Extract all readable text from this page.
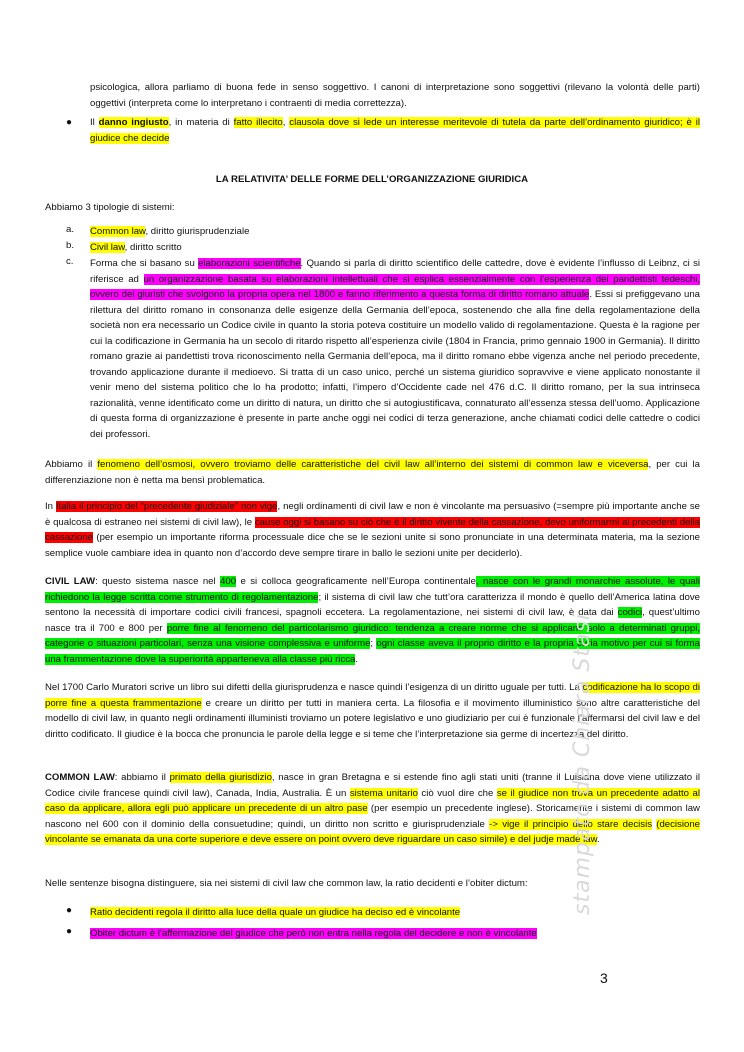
psicologica, allora parliamo di buona fede in senso soggettivo. I canoni di interpretazione sono soggettivi (rilevano la volontà delle parti) oggettivi (interpreta come lo interpretano i contraenti di media correttezza).

● Il danno ingiusto, in materia di fatto illecito, clausola dove si lede un interesse meritevole di tutela da parte dell’ordinamento giuridico; è il giudice che decide

LA RELATIVITA’ DELLE FORME DELL’ORGANIZZAZIONE GIURIDICA

Abbiamo 3 tipologie di sistemi:

a. Common law, diritto giurisprudenziale

b. Civil law, diritto scritto

c. Forma che si basano su elaborazioni scientifiche. Quando si parla di diritto scientifico delle cattedre, dove è evidente l’influsso di Leibnz, ci si riferisce ad un organizzazione basata su elaborazioni intellettuali che si esplica essenzialmente con l’esperienza dei pandettisti tedeschi, ovvero dei giuristi che svolgono la propria opera nel 1800 e fanno riferimento a questa forma di diritto romano attuale. Essi si prefiggevano una rilettura del diritto romano in consonanza delle esigenze della Germania dell’epoca, sostenendo che alla fine della regolamentazione della società non era necessario un Codice civile in quanto la storia poteva costituire un modello valido di regolamentazione. Questa è la ragione per cui la codificazione in Germania ha un secolo di ritardo rispetto all’esperienza civile (1804 in Francia, primo gennaio 1900 in Germania). Il diritto romano grazie ai pandettisti trova riconoscimento nella Germania dell’epoca, ma il diritto romano ebbe vigenza anche nel periodo precedente, trovando applicazione durante il medioevo. Si tratta di un caso unico, perché un sistema giuridico sopravvive e viene applicato nonostante il venir meno del sistema politico che lo ha prodotto; infatti, l’impero d’Occidente cade nel 476 d.C. Il diritto romano, per la sua intrinseca razionalità, venne identificato come un diritto di natura, un diritto che si autogiustificava, connaturato all’essenza stessa dell’uomo. Applicazione di questa forma di organizzazione è presente in parte anche oggi nei codici di terza generazione, anche chiamati codici delle cattedre o codici dei professori.

Abbiamo il fenomeno dell’osmosi, ovvero troviamo delle caratteristiche del civil law all’interno dei sistemi di common law e viceversa, per cui la differenziazione non è netta ma bensì problematica.

In Italia il principio del “precedente giudiziale” non vige, negli ordinamenti di civil law e non è vincolante ma persuasivo (=sempre più importante anche se è qualcosa di estraneo nei sistemi di civil law), le cause oggi si basano su ciò che è il diritto vivente della cassazione, devo uniformarmi ai precedenti della cassazione (per esempio un importante riforma processuale dice che se le sezioni unite si sono pronunciate in una determinata materia, ma la sezione semplice vuole cambiare idea in quanto non d’accordo deve sempre tirare in ballo le sezioni unite per deciderlo).

CIVIL LAW: questo sistema nasce nel 400 e si colloca geograficamente nell’Europa continentale, nasce con le grandi monarchie assolute, le quali richiedono la legge scritta come strumento di regolamentazione; il sistema di civil law che tutt’ora caratterizza il mondo è quello dell’America latina dove sentono la necessità di importare codici civili francesi, spagnoli eccetera. La regolamentazione, nei sistemi di civil law, è data dai codici, quest’ultimo nasce tra il 700 e 800 per porre fine al fenomeno del particolarismo giuridico: tendenza a creare norme che si applicano solo a determinati gruppi, categorie o situazioni particolari, senza una visione complessiva e uniforme; ogni classe aveva il proprio diritto e la propria curia motivo per cui si forma una frammentazione dove la superiorità apparteneva alla classe più ricca.

Nel 1700 Carlo Muratori scrive un libro sui difetti della giurisprudenza e nasce quindi l’esigenza di un diritto uguale per tutti. La codificazione ha lo scopo di porre fine a questa frammentazione e creare un diritto per tutti in maniera certa. La filosofia e il movimento illuministico sono altre caratteristiche del modello di civil law, in quanto negli ordinamenti illuministi troviamo un potere legislativo e uno giudiziario per cui è funzionale l’affermarsi del civil law e del diritto codificato. Il giudice è la bocca che pronuncia le parole della legge e si teme che l’interpretazione sia germe di incertezza del diritto.

COMMON LAW: abbiamo il primato della giurisdizio, nasce in gran Bretagna e si estende fino agli stati uniti (tranne il Luisiana dove viene utilizzato il Codice civile francese quindi civil law), Canada, India, Australia. È un sistema unitario ciò vuol dire che se il giudice non trova un precedente adatto al caso da applicare, allora egli può applicare un precedente di un altro pase (per esempio un precedente inglese). Storicamente i sistemi di common law nascono nel 600 con il dominio della consuetudine; quindi, un diritto non scritto e giurisprudenziale -> vige il principio dello stare decisis (decisione vincolante se emanata da una corte superiore e deve essere on point ovvero deve riguardare un caso simile) e del judje made law.

Nelle sentenze bisogna distinguere, sia nei sistemi di civil law che common law, la ratio decidenti e l’obiter dictum:

● Ratio decidenti regola il diritto alla luce della quale un giudice ha deciso ed è vincolante

● Obiter dictum è l’affermazione del giudice che però non entra nella regola del decidere e non è vincolante

stampato da Chiara Stasi
3
